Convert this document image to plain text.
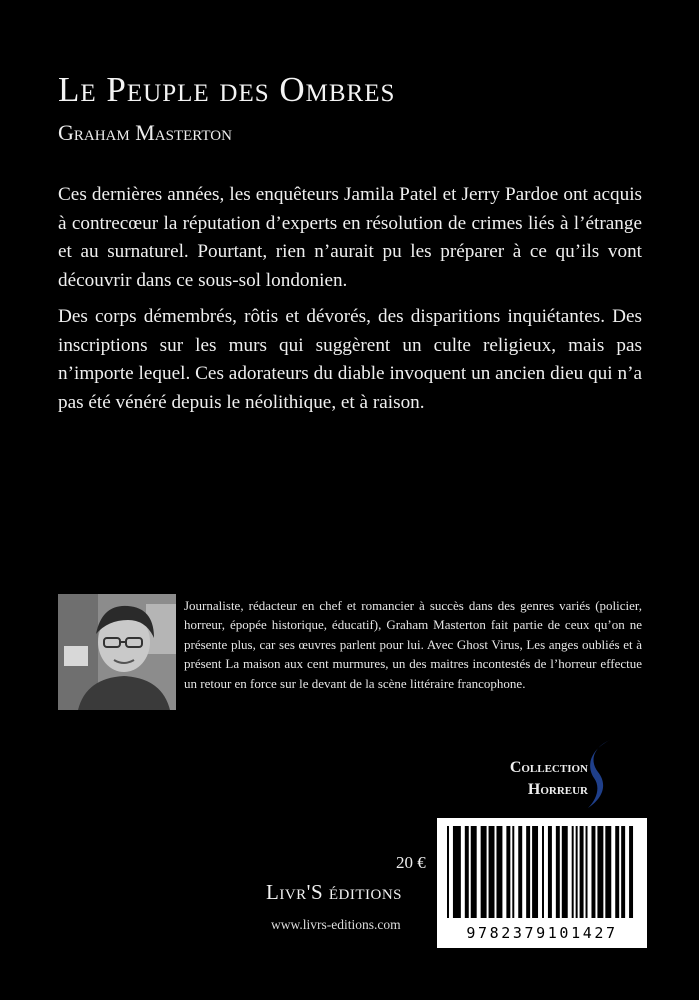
Le Peuple des Ombres
Graham Masterton

Ces dernières années, les enquêteurs Jamila Patel et Jerry Pardoe ont acquis à contrecœur la réputation d’experts en résolution de crimes liés à l’étrange et au surnaturel. Pourtant, rien n’aurait pu les préparer à ce qu’ils vont découvrir dans ce sous-sol londonien.

Des corps démembrés, rôtis et dévorés, des disparitions inquiétantes. Des inscriptions sur les murs qui suggèrent un culte religieux, mais pas n’importe lequel. Ces adorateurs du diable invoquent un ancien dieu qui n’a pas été vénéré depuis le néolithique, et à raison.

Journaliste, rédacteur en chef et romancier à succès dans des genres variés (policier, horreur, épopée historique, éducatif), Graham Masterton fait partie de ceux qu’on ne présente plus, car ses œuvres parlent pour lui. Avec Ghost Virus, Les anges oubliés et à présent La maison aux cent murmures, un des maitres incontestés de l’horreur effectue un retour en force sur le devant de la scène littéraire francophone.

Collection
Horreur
20 €
Livr'S éditions
www.livrs-editions.com	9782379101427
